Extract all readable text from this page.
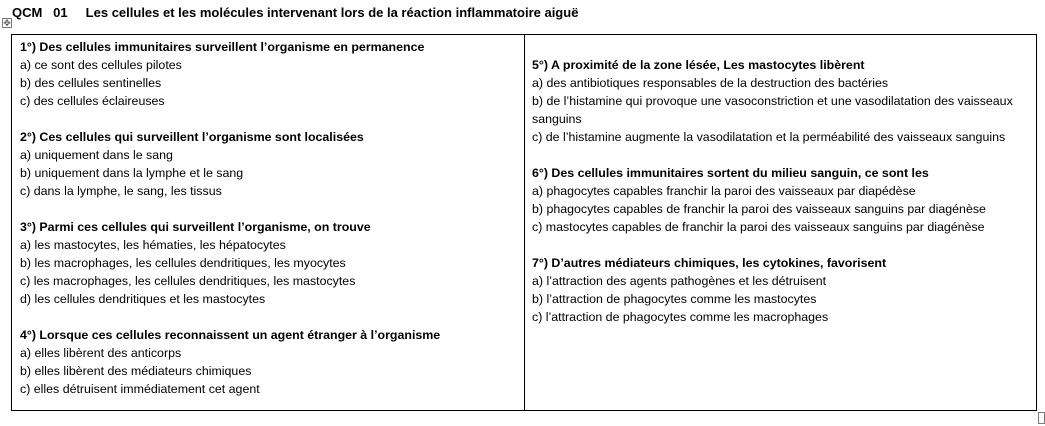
QCM   01     Les cellules et les molécules intervenant lors de la réaction inflammatoire aiguë
✥
1°) Des cellules immunitaires surveillent l’organisme en permanence
a) ce sont des cellules pilotes
b) des cellules sentinelles
c) des cellules éclaireuses
2°) Ces cellules qui surveillent l’organisme sont localisées
a) uniquement dans le sang
b) uniquement dans la lymphe et le sang
c) dans la lymphe, le sang, les tissus
3°) Parmi ces cellules qui surveillent l’organisme, on trouve
a) les mastocytes, les hématies, les hépatocytes
b) les macrophages, les cellules dendritiques, les myocytes
c) les macrophages, les cellules dendritiques, les mastocytes
d) les cellules dendritiques et les mastocytes
4°) Lorsque ces cellules reconnaissent un agent étranger à l’organisme
a) elles libèrent des anticorps
b) elles libèrent des médiateurs chimiques
c) elles détruisent immédiatement cet agent
5°) A proximité de la zone lésée, Les mastocytes libèrent
a) des antibiotiques responsables de la destruction des bactéries
b) de l’histamine qui provoque une vasoconstriction et une vasodilatation des vaisseaux sanguins
c) de l’histamine augmente la vasodilatation et la perméabilité des vaisseaux sanguins
6°) Des cellules immunitaires sortent du milieu sanguin, ce sont les
a) phagocytes capables franchir la paroi des vaisseaux par diapédèse
b) phagocytes capables de franchir la paroi des vaisseaux sanguins par diagénèse
c) mastocytes capables de franchir la paroi des vaisseaux sanguins par diagénèse
7°) D’autres médiateurs chimiques, les cytokines, favorisent
a) l’attraction des agents pathogènes et les détruisent
b) l’attraction de phagocytes comme les mastocytes
c) l’attraction de phagocytes comme les macrophages
